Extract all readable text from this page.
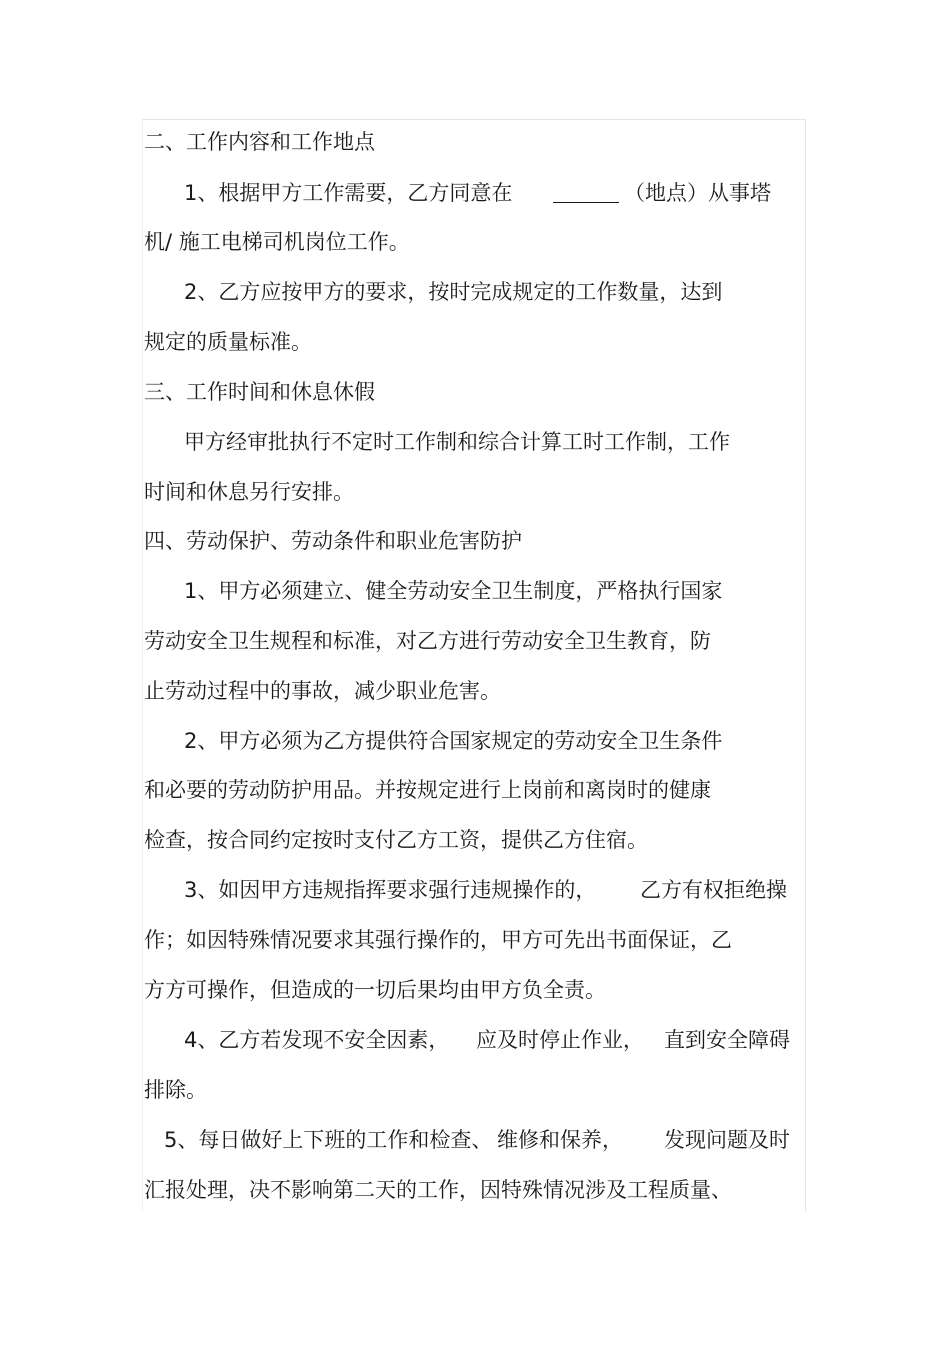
二、工作内容和工作地点

1、根据甲方工作需要，乙方同意在	（地点）从事塔

机/ 施工电梯司机岗位工作。

2、乙方应按甲方的要求，按时完成规定的工作数量，达到

规定的质量标准。

三、工作时间和休息休假

甲方经审批执行不定时工作制和综合计算工时工作制，工作

时间和休息另行安排。

四、劳动保护、劳动条件和职业危害防护

1、甲方必须建立、健全劳动安全卫生制度，严格执行国家

劳动安全卫生规程和标准，对乙方进行劳动安全卫生教育，防

止劳动过程中的事故，减少职业危害。

2、甲方必须为乙方提供符合国家规定的劳动安全卫生条件

和必要的劳动防护用品。并按规定进行上岗前和离岗时的健康

检查，按合同约定按时支付乙方工资，提供乙方住宿。

3、如因甲方违规指挥要求强行违规操作的， 乙方有权拒绝操

作；如因特殊情况要求其强行操作的，甲方可先出书面保证，乙

方方可操作，但造成的一切后果均由甲方负全责。

4、乙方若发现不安全因素， 应及时停止作业， 直到安全障碍

排除。

5、每日做好上下班的工作和检查、 维修和保养， 发现问题及时

汇报处理，决不影响第二天的工作，因特殊情况涉及工程质量、
